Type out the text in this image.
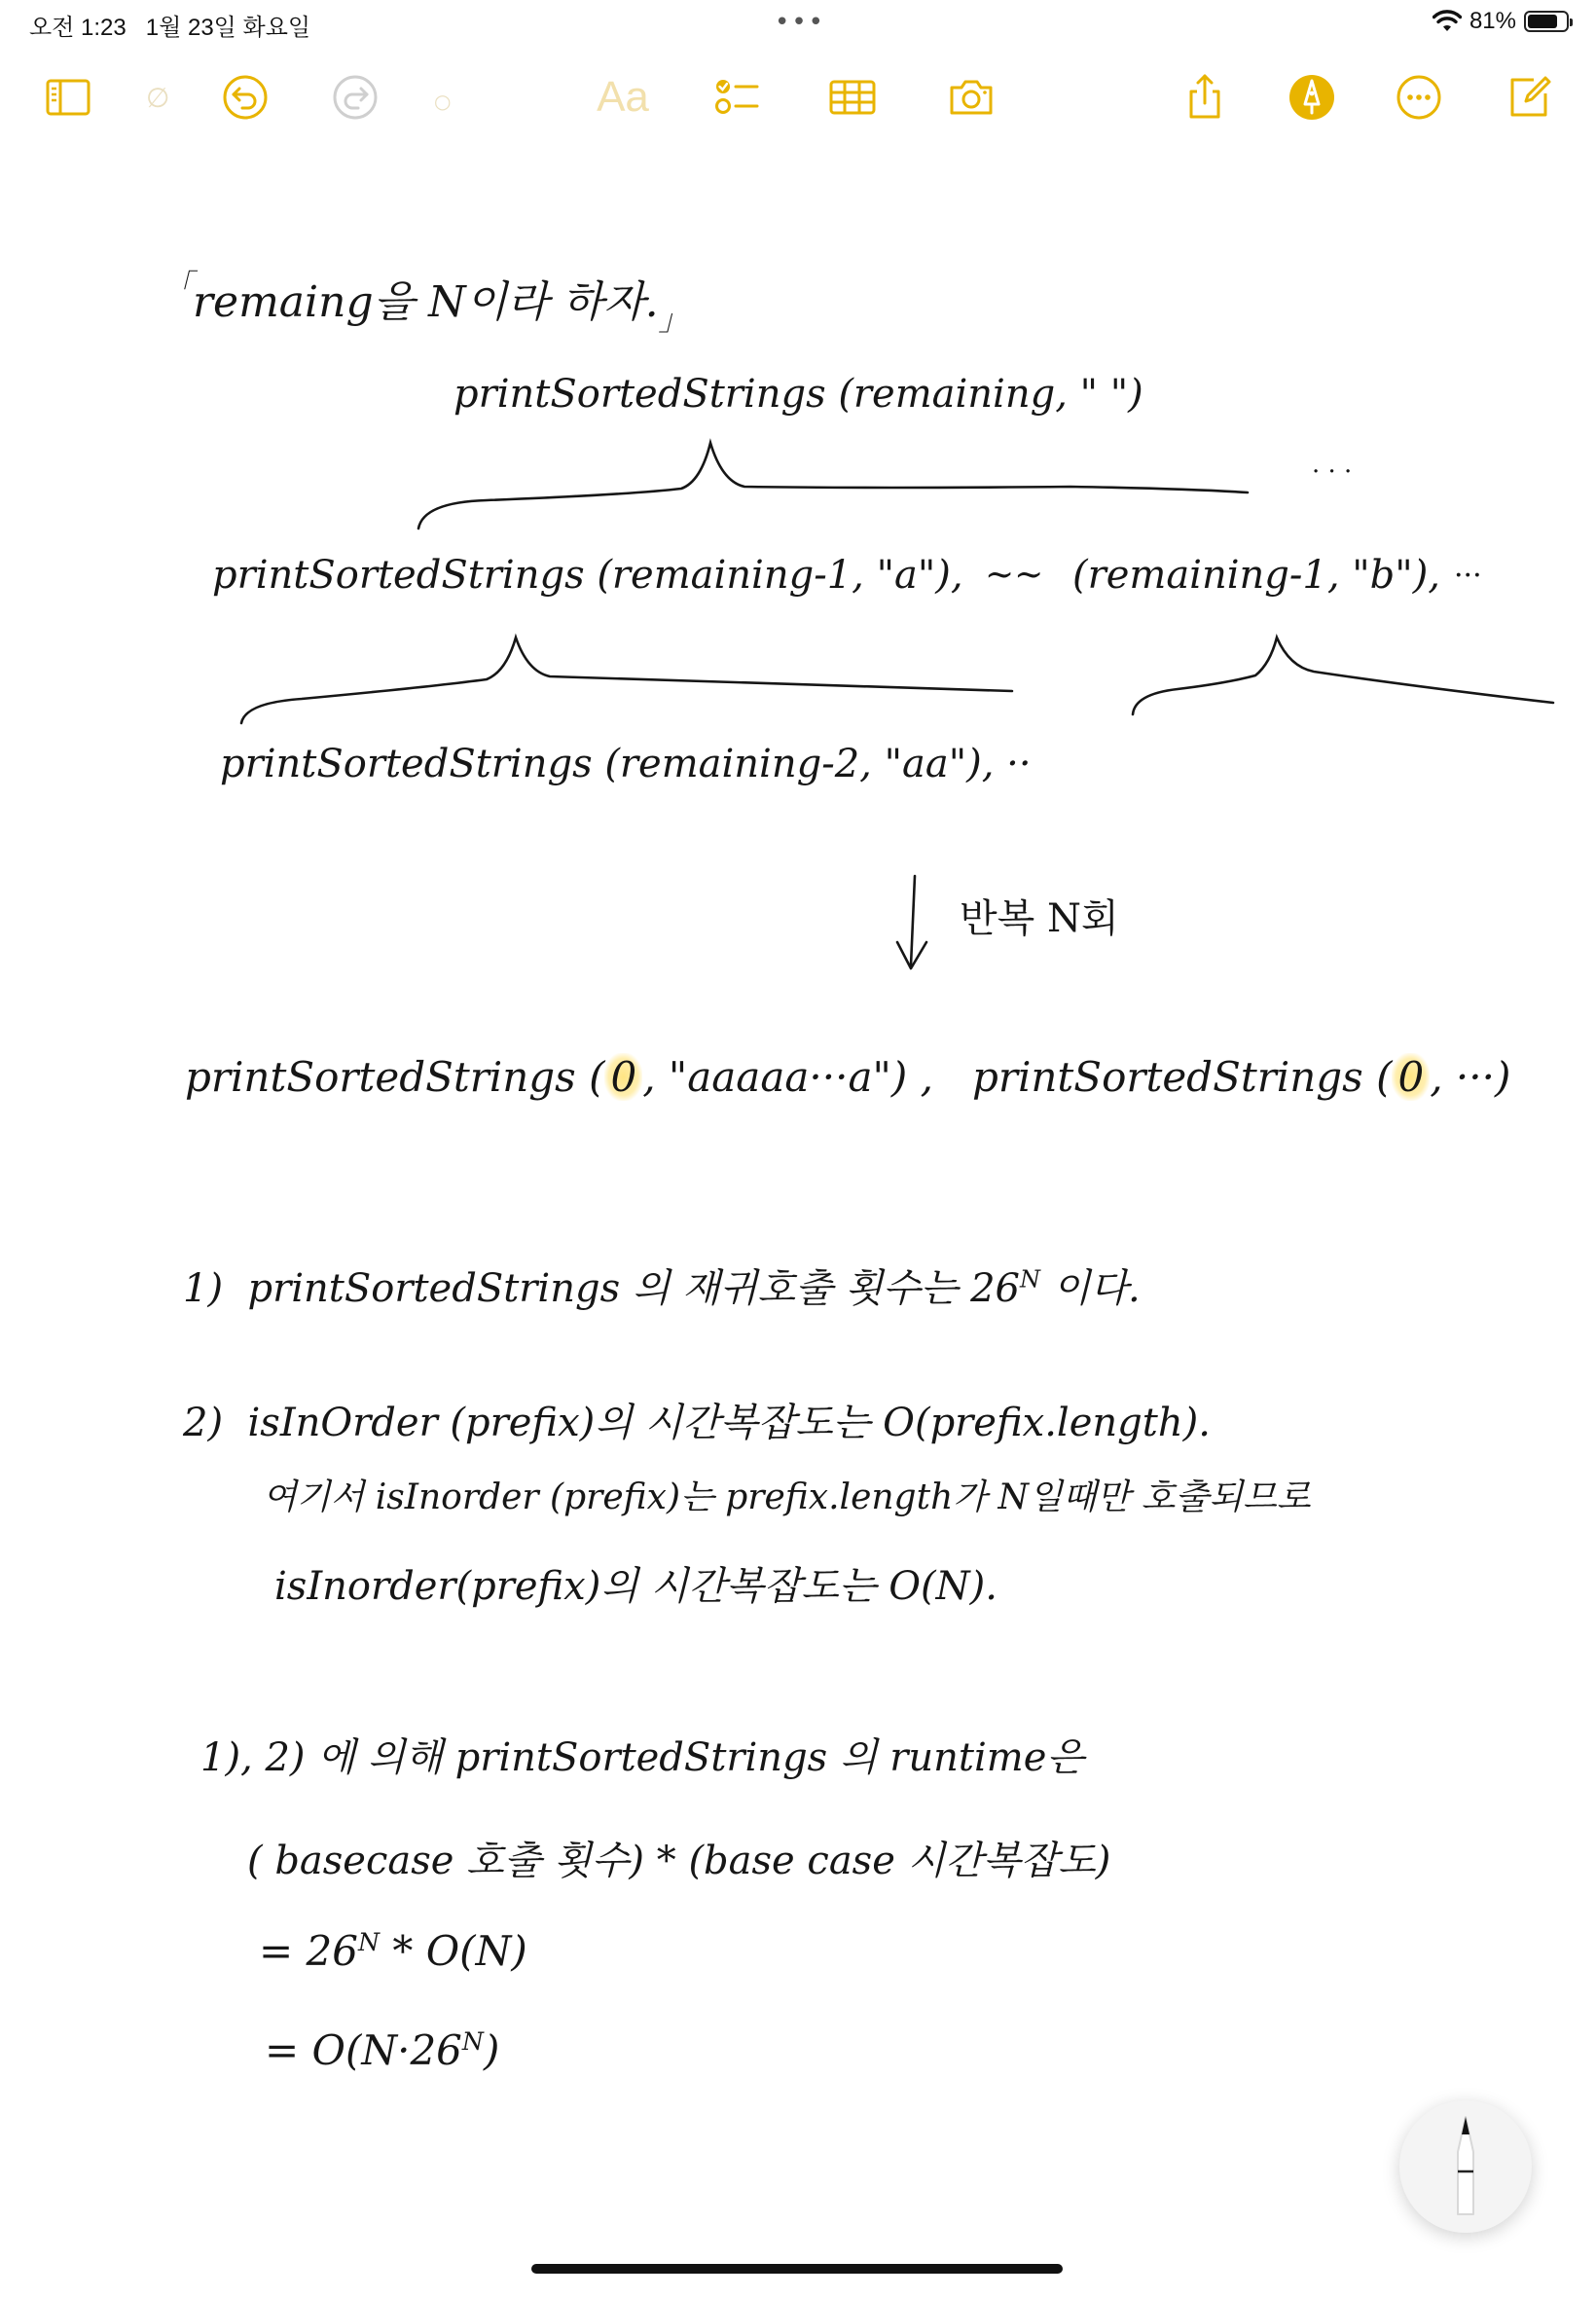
오전 1:23 1월 23일 화요일	•••	81%
Aa
∅	○
「remaing을 N이라 하자$._」$
printSortedStrings (remaining, " ")
· · ·
printSortedStrings (remaining-1, "a"), ~~ (remaining-1, "b"), ···
printSortedStrings (remaining-2, "aa"), ··
반복 N회
printSortedStrings ( 0 , "aaaaa···a") , printSortedStrings ( 0 , ···)
1) printSortedStrings 의 재귀호출 횟수는 $26^N$ 이다.
2) isInOrder (prefix)의 시간복잡도는 O(prefix.length).
여기서 isInorder (prefix)는 prefix.length가 N일때만 호출되므로
isInorder(prefix)의 시간복잡도는 O(N).
1), 2) 에 의해 printSortedStrings 의 runtime은
( basecase 호출 횟수) * (base case 시간복잡도)
= $26^N * O(N)$
= $O(N\cdot 26^N)$
